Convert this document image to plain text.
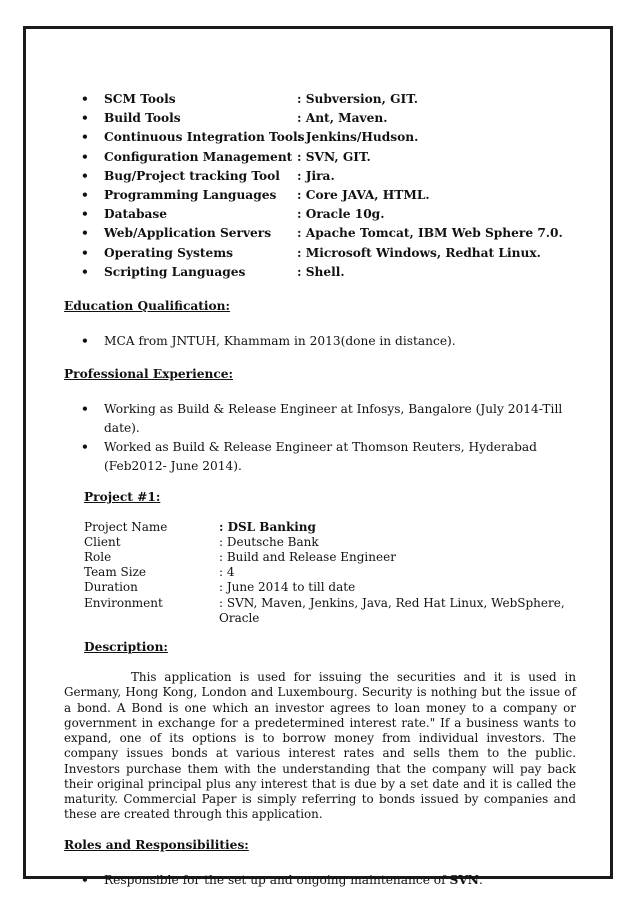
• SCM Tools	: Subversion, GIT.
• Build Tools	: Ant, Maven.
• Continuous Integration Tools: Jenkins/Hudson.
• Configuration Management : SVN, GIT.
• Bug/Project tracking Tool : Jira.
• Programming Languages : Core JAVA, HTML.
• Database	: Oracle 10g.
• Web/Application Servers : Apache Tomcat, IBM Web Sphere 7.0.
• Operating Systems	: Microsoft Windows, Redhat Linux.
• Scripting Languages	: Shell.

Education Qualification:

• MCA from JNTUH, Khammam in 2013(done in distance).

Professional Experience:

• Working as Build & Release Engineer at Infosys, Bangalore (July 2014-Till date).
• Worked as Build & Release Engineer at Thomson Reuters, Hyderabad (Feb2012- June 2014).

Project #1:

Project Name	: DSL Banking
Client	: Deutsche Bank
Role	: Build and Release Engineer
Team Size	: 4
Duration	: June 2014 to till date
Environment	: SVN, Maven, Jenkins, Java, Red Hat Linux, WebSphere, Oracle

Description:

This application is used for issuing the securities and it is used in Germany, Hong Kong, London and Luxembourg. Security is nothing but the issue of a bond. A Bond is one which an investor agrees to loan money to a company or government in exchange for a predetermined interest rate." If a business wants to expand, one of its options is to borrow money from individual investors. The company issues bonds at various interest rates and sells them to the public. Investors purchase them with the understanding that the company will pay back their original principal plus any interest that is due by a set date and it is called the maturity. Commercial Paper is simply referring to bonds issued by companies and these are created through this application.

Roles and Responsibilities:

• Responsible for the set up and ongoing maintenance of SVN.
